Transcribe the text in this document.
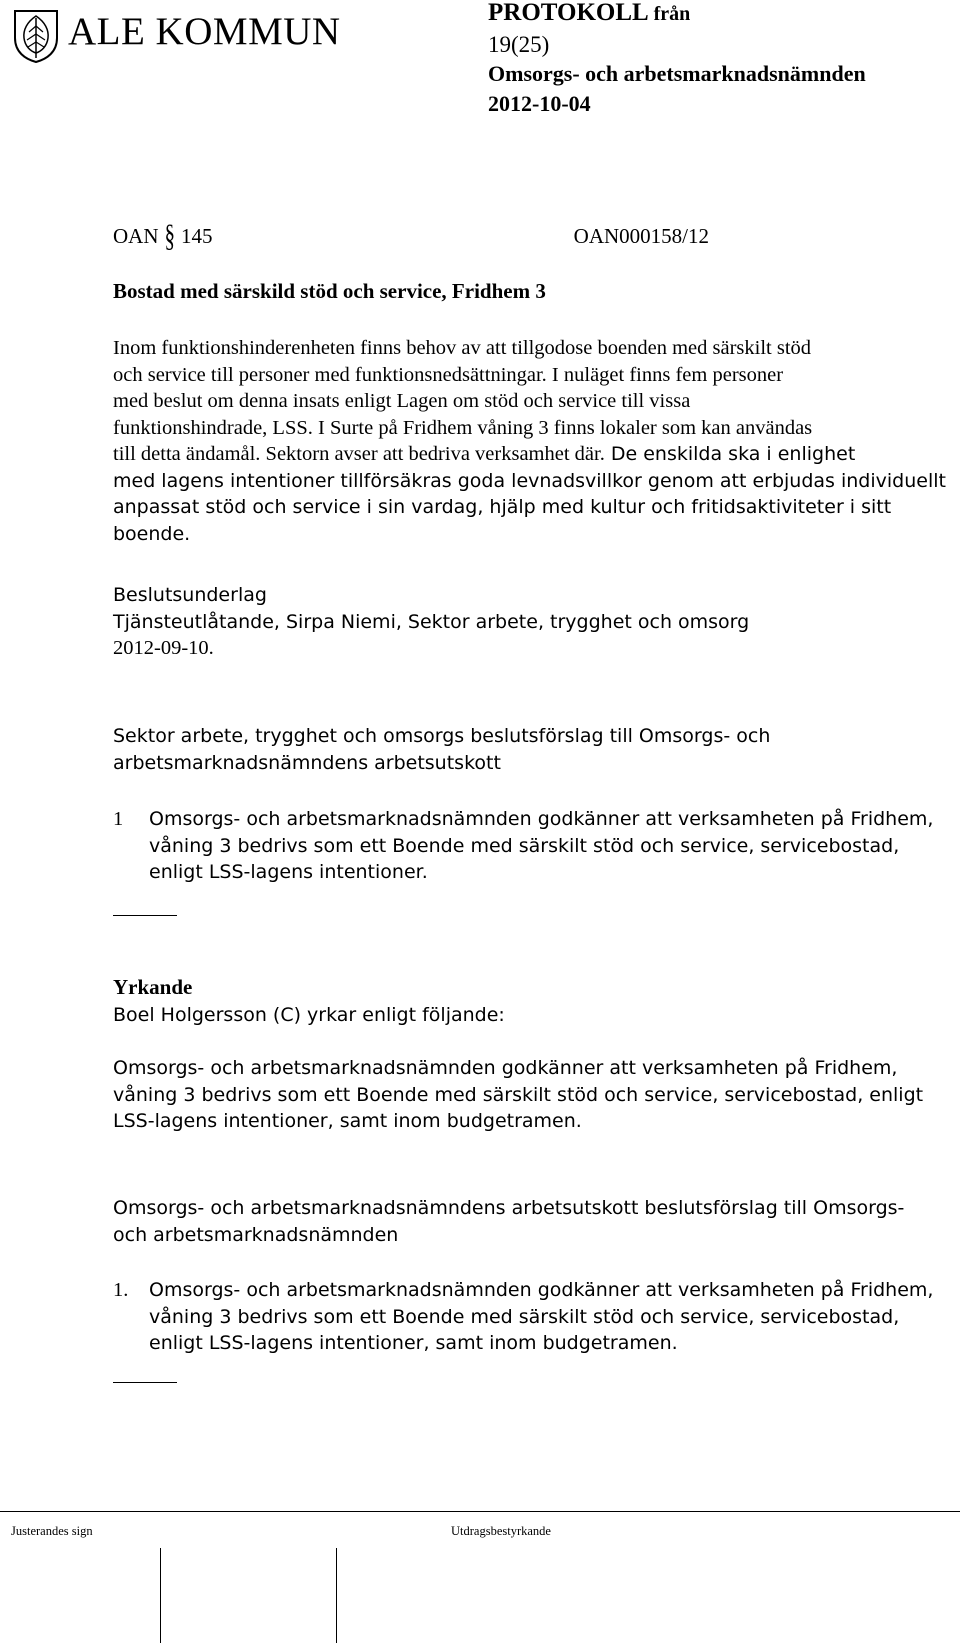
ALE KOMMUN	PROTOKOLL från
19(25)
Omsorgs- och arbetsmarknadsnämnden
2012-10-04
OAN § 145	OAN000158/12
Bostad med särskild stöd och service, Fridhem 3

Inom funktionshinderenheten finns behov av att tillgodose boenden med särskilt stöd

och service till personer med funktionsnedsättningar. I nuläget finns fem personer

med beslut om denna insats enligt Lagen om stöd och service till vissa

funktionshindrade, LSS. I Surte på Fridhem våning 3 finns lokaler som kan användas

till detta ändamål. Sektorn avser att bedriva verksamhet där. De enskilda ska i enlighet

med lagens intentioner tillförsäkras goda levnadsvillkor genom att erbjudas individuellt

anpassat stöd och service i sin vardag, hjälp med kultur och fritidsaktiviteter i sitt

boende.

Beslutsunderlag

Tjänsteutlåtande, Sirpa Niemi, Sektor arbete, trygghet och omsorg

2012-09-10.

Sektor arbete, trygghet och omsorgs beslutsförslag till Omsorgs- och

arbetsmarknadsnämndens arbetsutskott

1 Omsorgs- och arbetsmarknadsnämnden godkänner att verksamheten på Fridhem,

våning 3 bedrivs som ett Boende med särskilt stöd och service, servicebostad,

enligt LSS-lagens intentioner.

Yrkande

Boel Holgersson (C) yrkar enligt följande:

Omsorgs- och arbetsmarknadsnämnden godkänner att verksamheten på Fridhem,

våning 3 bedrivs som ett Boende med särskilt stöd och service, servicebostad, enligt

LSS-lagens intentioner, samt inom budgetramen.

Omsorgs- och arbetsmarknadsnämndens arbetsutskott beslutsförslag till Omsorgs-

och arbetsmarknadsnämnden

1. Omsorgs- och arbetsmarknadsnämnden godkänner att verksamheten på Fridhem,

våning 3 bedrivs som ett Boende med särskilt stöd och service, servicebostad,

enligt LSS-lagens intentioner, samt inom budgetramen.

Justerandes sign	Utdragsbestyrkande
